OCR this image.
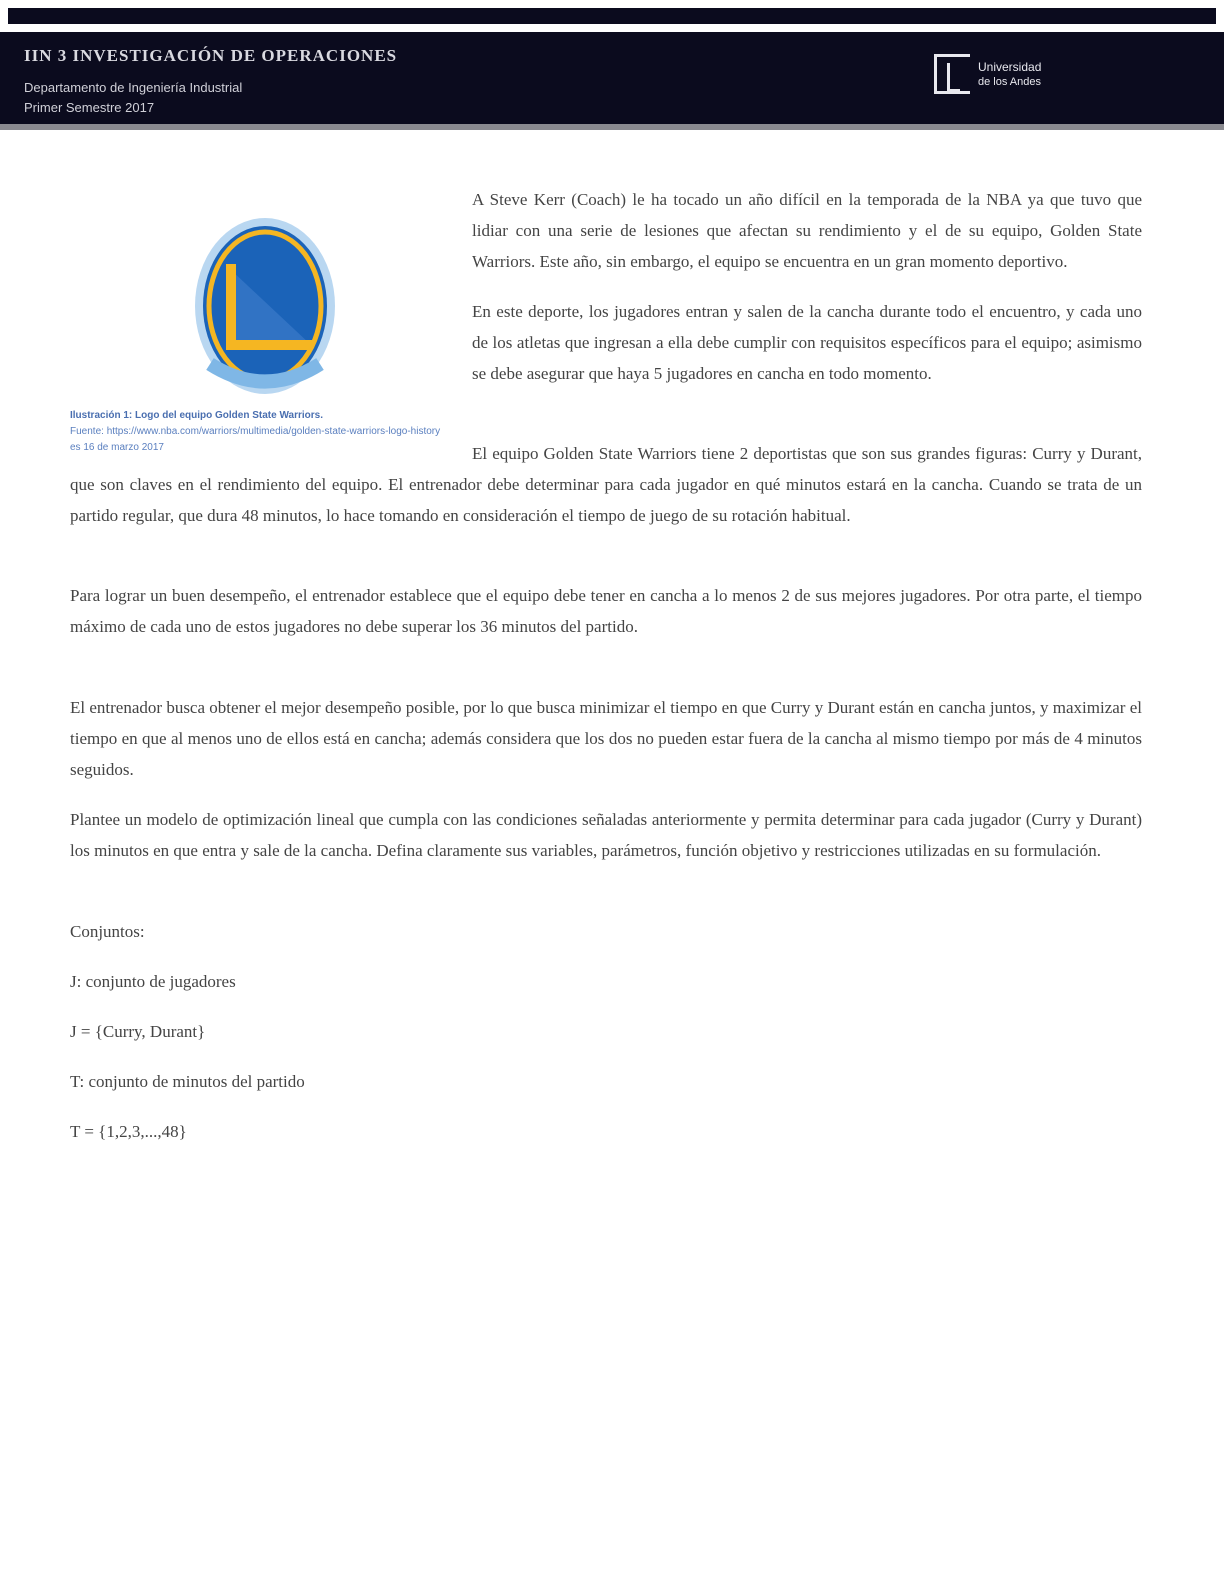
IIN 3 INVESTIGACIÓN DE OPERACIONES
Departamento de Ingeniería Industrial
Primer Semestre 2017
Universidad
de los Andes
Ilustración 1: Logo del equipo Golden State Warriors.
Fuente: https://www.nba.com/warriors/multimedia/golden-state-warriors-logo-history
es 16 de marzo 2017

A Steve Kerr (Coach) le ha tocado un año difícil en la temporada de la NBA ya que tuvo que lidiar con una serie de lesiones que afectan su rendimiento y el de su equipo, Golden State Warriors. Este año, sin embargo, el equipo se encuentra en un gran momento deportivo.

En este deporte, los jugadores entran y salen de la cancha durante todo el encuentro, y cada uno de los atletas que ingresan a ella debe cumplir con requisitos específicos para el equipo; asimismo se debe asegurar que haya 5 jugadores en cancha en todo momento.

El equipo Golden State Warriors tiene 2 deportistas que son sus grandes figuras: Curry y Durant, que son claves en el rendimiento del equipo. El entrenador debe determinar para cada jugador en qué minutos estará en la cancha. Cuando se trata de un partido regular, que dura 48 minutos, lo hace tomando en consideración el tiempo de juego de su rotación habitual.

Para lograr un buen desempeño, el entrenador establece que el equipo debe tener en cancha a lo menos 2 de sus mejores jugadores. Por otra parte, el tiempo máximo de cada uno de estos jugadores no debe superar los 36 minutos del partido.

El entrenador busca obtener el mejor desempeño posible, por lo que busca minimizar el tiempo en que Curry y Durant están en cancha juntos, y maximizar el tiempo en que al menos uno de ellos está en cancha; además considera que los dos no pueden estar fuera de la cancha al mismo tiempo por más de 4 minutos seguidos.

Plantee un modelo de optimización lineal que cumpla con las condiciones señaladas anteriormente y permita determinar para cada jugador (Curry y Durant) los minutos en que entra y sale de la cancha. Defina claramente sus variables, parámetros, función objetivo y restricciones utilizadas en su formulación.

Conjuntos:

J: conjunto de jugadores

J = {Curry, Durant}

T: conjunto de minutos del partido

T = {1,2,3,...,48}
